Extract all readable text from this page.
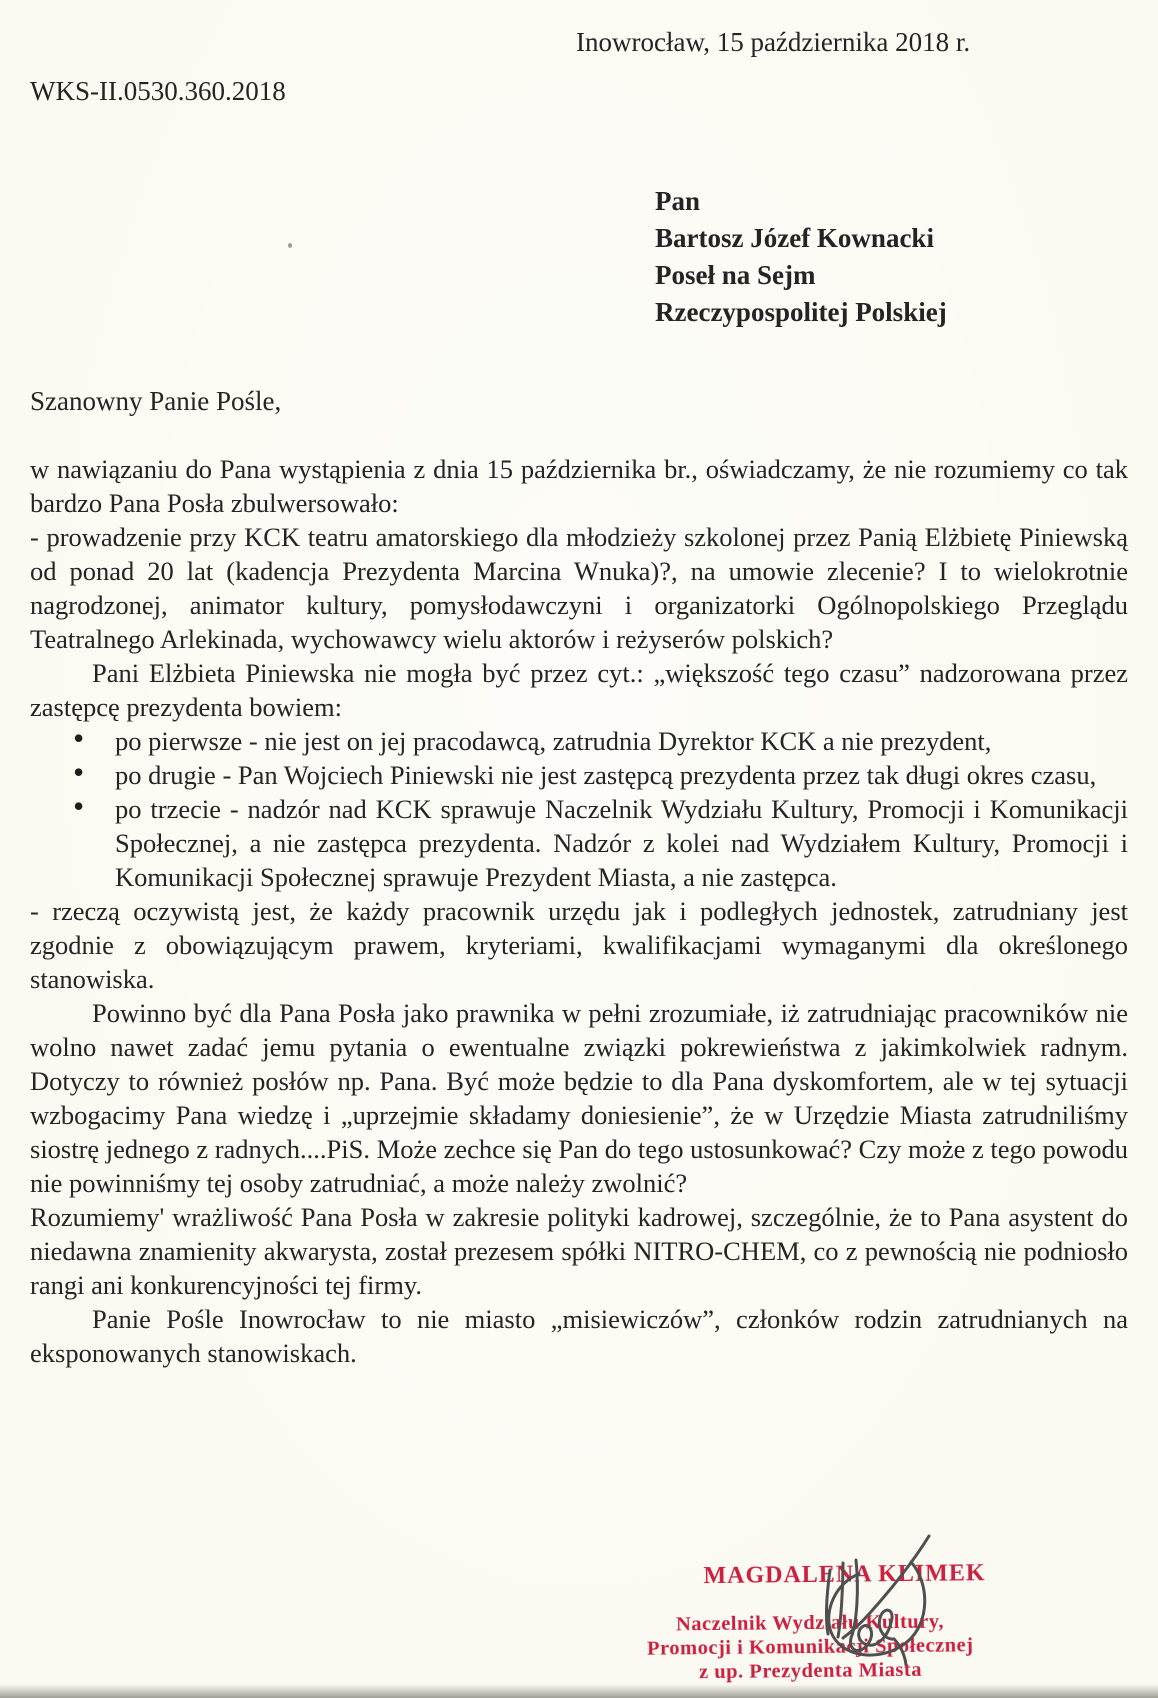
Inowrocław, 15 października 2018 r.
WKS-II.0530.360.2018
Pan
Bartosz Józef Kownacki
Poseł na Sejm
Rzeczypospolitej Polskiej
Szanowny Panie Pośle,

w nawiązaniu do Pana wystąpienia z dnia 15 października br., oświadczamy, że nie rozumiemy co tak bardzo Pana Posła zbulwersowało:

- prowadzenie przy KCK teatru amatorskiego dla młodzieży szkolonej przez Panią Elżbietę Piniewską od ponad 20 lat (kadencja Prezydenta Marcina Wnuka)?, na umowie zlecenie? I to wielokrotnie nagrodzonej, animator kultury, pomysłodawczyni i organizatorki Ogólnopolskiego Przeglądu Teatralnego Arlekinada, wychowawcy wielu aktorów i reżyserów polskich?

Pani Elżbieta Piniewska nie mogła być przez cyt.: „większość tego czasu” nadzorowana przez zastępcę prezydenta bowiem:

• po pierwsze - nie jest on jej pracodawcą, zatrudnia Dyrektor KCK a nie prezydent,
• po drugie - Pan Wojciech Piniewski nie jest zastępcą prezydenta przez tak długi okres czasu,
• po trzecie - nadzór nad KCK sprawuje Naczelnik Wydziału Kultury, Promocji i Komunikacji Społecznej, a nie zastępca prezydenta. Nadzór z kolei nad Wydziałem Kultury, Promocji i Komunikacji Społecznej sprawuje Prezydent Miasta, a nie zastępca.

- rzeczą oczywistą jest, że każdy pracownik urzędu jak i podległych jednostek, zatrudniany jest zgodnie z obowiązującym prawem, kryteriami, kwalifikacjami wymaganymi dla określonego stanowiska.

Powinno być dla Pana Posła jako prawnika w pełni zrozumiałe, iż zatrudniając pracowników nie wolno nawet zadać jemu pytania o ewentualne związki pokrewieństwa z jakimkolwiek radnym. Dotyczy to również posłów np. Pana. Być może będzie to dla Pana dyskomfortem, ale w tej sytuacji wzbogacimy Pana wiedzę i „uprzejmie składamy doniesienie”, że w Urzędzie Miasta zatrudniliśmy siostrę jednego z radnych....PiS. Może zechce się Pan do tego ustosunkować? Czy może z tego powodu nie powinniśmy tej osoby zatrudniać, a może należy zwolnić?

Rozumiemy' wrażliwość Pana Posła w zakresie polityki kadrowej, szczególnie, że to Pana asystent do niedawna znamienity akwarysta, został prezesem spółki NITRO-CHEM, co z pewnością nie podniosło rangi ani konkurencyjności tej firmy.

Panie Pośle Inowrocław to nie miasto „misiewiczów”, członków rodzin zatrudnianych na eksponowanych stanowiskach.

MAGDALENA KLIMEK
Naczelnik Wydziału Kultury,
Promocji i Komunikacji Społecznej
z up. Prezydenta Miasta
